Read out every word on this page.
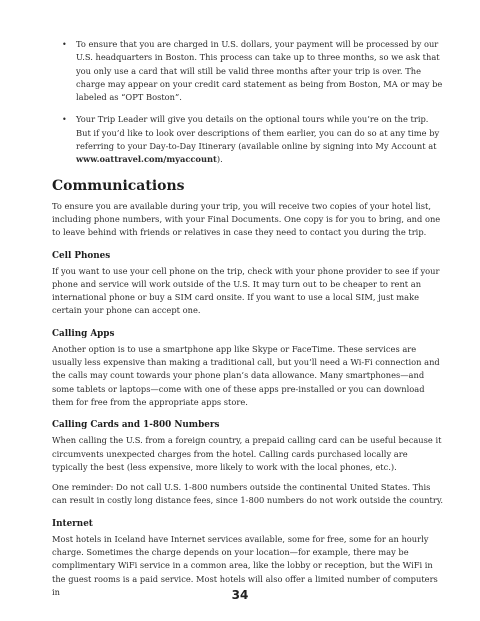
• To ensure that you are charged in U.S. dollars, your payment will be processed by our U.S. headquarters in Boston. This process can take up to three months, so we ask that you only use a card that will still be valid three months after your trip is over. The charge may appear on your credit card statement as being from Boston, MA or may be labeled as “OPT Boston”.
• Your Trip Leader will give you details on the optional tours while you’re on the trip. But if you’d like to look over descriptions of them earlier, you can do so at any time by referring to your Day-to-Day Itinerary (available online by signing into My Account at www.oattravel.com/myaccount).
Communications

To ensure you are available during your trip, you will receive two copies of your hotel list, including phone numbers, with your Final Documents. One copy is for you to bring, and one to leave behind with friends or relatives in case they need to contact you during the trip.

Cell Phones

If you want to use your cell phone on the trip, check with your phone provider to see if your phone and service will work outside of the U.S. It may turn out to be cheaper to rent an international phone or buy a SIM card onsite. If you want to use a local SIM, just make certain your phone can accept one.

Calling Apps

Another option is to use a smartphone app like Skype or FaceTime. These services are usually less expensive than making a traditional call, but you’ll need a Wi-Fi connection and the calls may count towards your phone plan’s data allowance. Many smartphones—and some tablets or laptops—come with one of these apps pre-installed or you can download them for free from the appropriate apps store.

Calling Cards and 1-800 Numbers

When calling the U.S. from a foreign country, a prepaid calling card can be useful because it circumvents unexpected charges from the hotel. Calling cards purchased locally are typically the best (less expensive, more likely to work with the local phones, etc.).

One reminder: Do not call U.S. 1-800 numbers outside the continental United States. This can result in costly long distance fees, since 1-800 numbers do not work outside the country.

Internet

Most hotels in Iceland have Internet services available, some for free, some for an hourly charge. Sometimes the charge depends on your location—for example, there may be complimentary WiFi service in a common area, like the lobby or reception, but the WiFi in the guest rooms is a paid service. Most hotels will also offer a limited number of computers in	34
